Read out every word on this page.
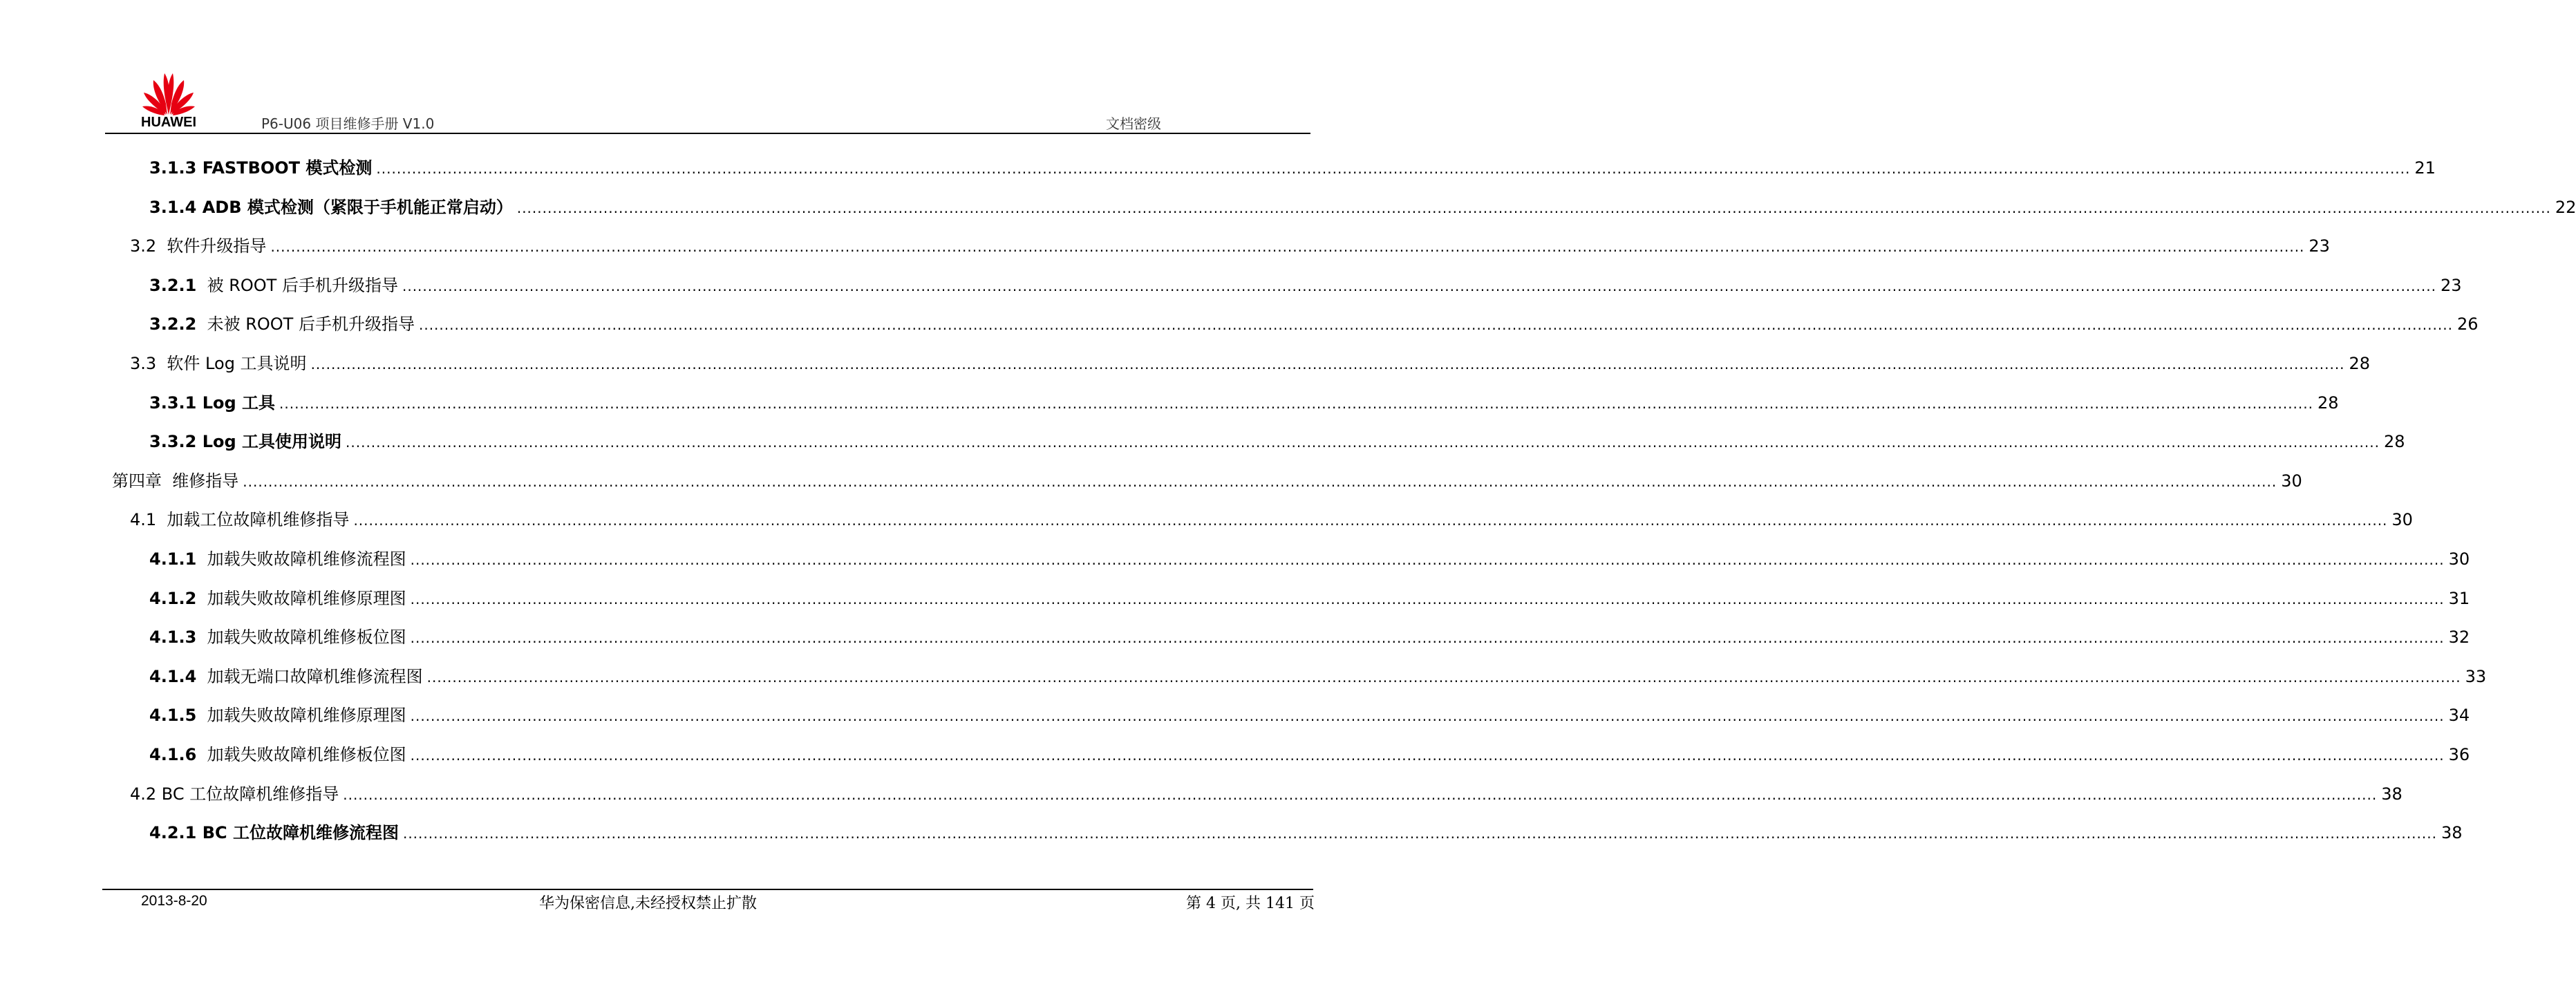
HUAWEI	P6-U06 项目维修手册 V1.0	文档密级
3.1.3 FASTBOOT 模式检测 ................................................................................................................................................................................................................................................................................................................................................................................................................ 21
3.1.4 ADB 模式检测（紧限于手机能正常启动） ................................................................................................................................................................................................................................................................................................................................................................................................................ 22
3.2  软件升级指导 ................................................................................................................................................................................................................................................................................................................................................................................................................ 23
3.2.1  被 ROOT 后手机升级指导 ................................................................................................................................................................................................................................................................................................................................................................................................................ 23
3.2.2  未被 ROOT 后手机升级指导 ................................................................................................................................................................................................................................................................................................................................................................................................................ 26
3.3  软件 Log 工具说明 ................................................................................................................................................................................................................................................................................................................................................................................................................ 28
3.3.1 Log 工具 ................................................................................................................................................................................................................................................................................................................................................................................................................ 28
3.3.2 Log 工具使用说明 ................................................................................................................................................................................................................................................................................................................................................................................................................ 28
第四章  维修指导 ................................................................................................................................................................................................................................................................................................................................................................................................................ 30
4.1  加载工位故障机维修指导 ................................................................................................................................................................................................................................................................................................................................................................................................................ 30
4.1.1  加载失败故障机维修流程图 ................................................................................................................................................................................................................................................................................................................................................................................................................ 30
4.1.2  加载失败故障机维修原理图 ................................................................................................................................................................................................................................................................................................................................................................................................................ 31
4.1.3  加载失败故障机维修板位图 ................................................................................................................................................................................................................................................................................................................................................................................................................ 32
4.1.4  加载无端口故障机维修流程图 ................................................................................................................................................................................................................................................................................................................................................................................................................ 33
4.1.5  加载失败故障机维修原理图 ................................................................................................................................................................................................................................................................................................................................................................................................................ 34
4.1.6  加载失败故障机维修板位图 ................................................................................................................................................................................................................................................................................................................................................................................................................ 36
4.2 BC 工位故障机维修指导 ................................................................................................................................................................................................................................................................................................................................................................................................................ 38
4.2.1 BC 工位故障机维修流程图 ................................................................................................................................................................................................................................................................................................................................................................................................................ 38
2013-8-20	华为保密信息,未经授权禁止扩散	第 4 页, 共 141 页
